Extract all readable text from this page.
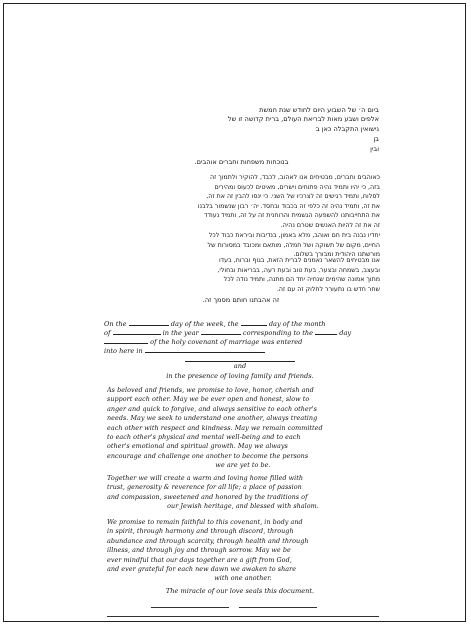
ביום ה׳ של השבוע היום לחודש שנת חמשת
אלפים ושבע מאות לבריאת העולם, ברית קדושה זו של
נישואין התקבלה כאן ב
בן
ובין
בנוכחות משפחות וחברים אוהבים.
כאוהבים וחברים, מבטיחים אנו לאהוב, לכבד, להוקיר ולתמוך זה
בזה, כי יהיו ותמיד נהיה פתוחים וישרים, מאיטים לכעוס ומהירים
לסלוח, ותמיד רגישים זה לצרכיו של השני. כי ינסו להבין זה את זה,
את זה, ותמיד נהיה זה כלפי זה בכבוד ובחסד. יה׳ רבון שנשמור בלבנו
את התחייבותנו להשפעה הגשמית והרוחנית זה על זה, ותמיד נעודד
זה את זה להיות האנשים שטרם נהיה.
יחדיו נבנה בית חם ואוהב, מלא באמון, בנדיבות וביראת כבוד לכל
החיים, מקום של תשוקה ושל חמלה, מותאם ומכובד במסורות של
מורשתנו היהודית ומבורך בשלום.
אנו מבטיחים להשאר נאמנים לברית הזאת, בגוף וברוח, בעדו
ובעצב, בשמחה ובצער, בעת טוב ובעת רעה, בבריאות ובחולי,
מתוך אמונה שהימים שנחיה יחד הם מתנה, ותמיד נודה לכל
שחר חדש בו נתעורר לחלוק זה עם זה.
זה אהבתנו חותם מסמך זה.
On the	day of the week, the	day of the month
of	in the year	corresponding to the	day
of the holy covenant of marriage was entered
into here in
and
in the presence of loving family and friends.
As beloved and friends, we promise to love, honor, cherish and
support each other. May we be ever open and honest, slow to
anger and quick to forgive, and always sensitive to each other's
needs. May we seek to understand one another, always treating
each other with respect and kindness. May we remain committed
to each other's physical and mental well-being and to each
other's emotional and spiritual growth. May we always
encourage and challenge one another to become the persons
we are yet to be.
Together we will create a warm and loving home filled with
trust, generosity & reverence for all life; a place of passion
and compassion, sweetened and honored by the traditions of
our Jewish heritage, and blessed with shalom.
We promise to remain faithful to this covenant, in body and
in spirit, through harmony and through discord, through
abundance and through scarcity, through health and through
illness, and through joy and through sorrow. May we be
ever mindful that our days together are a gift from God,
and ever grateful for each new dawn we awaken to share
with one another.
The miracle of our love seals this document.
